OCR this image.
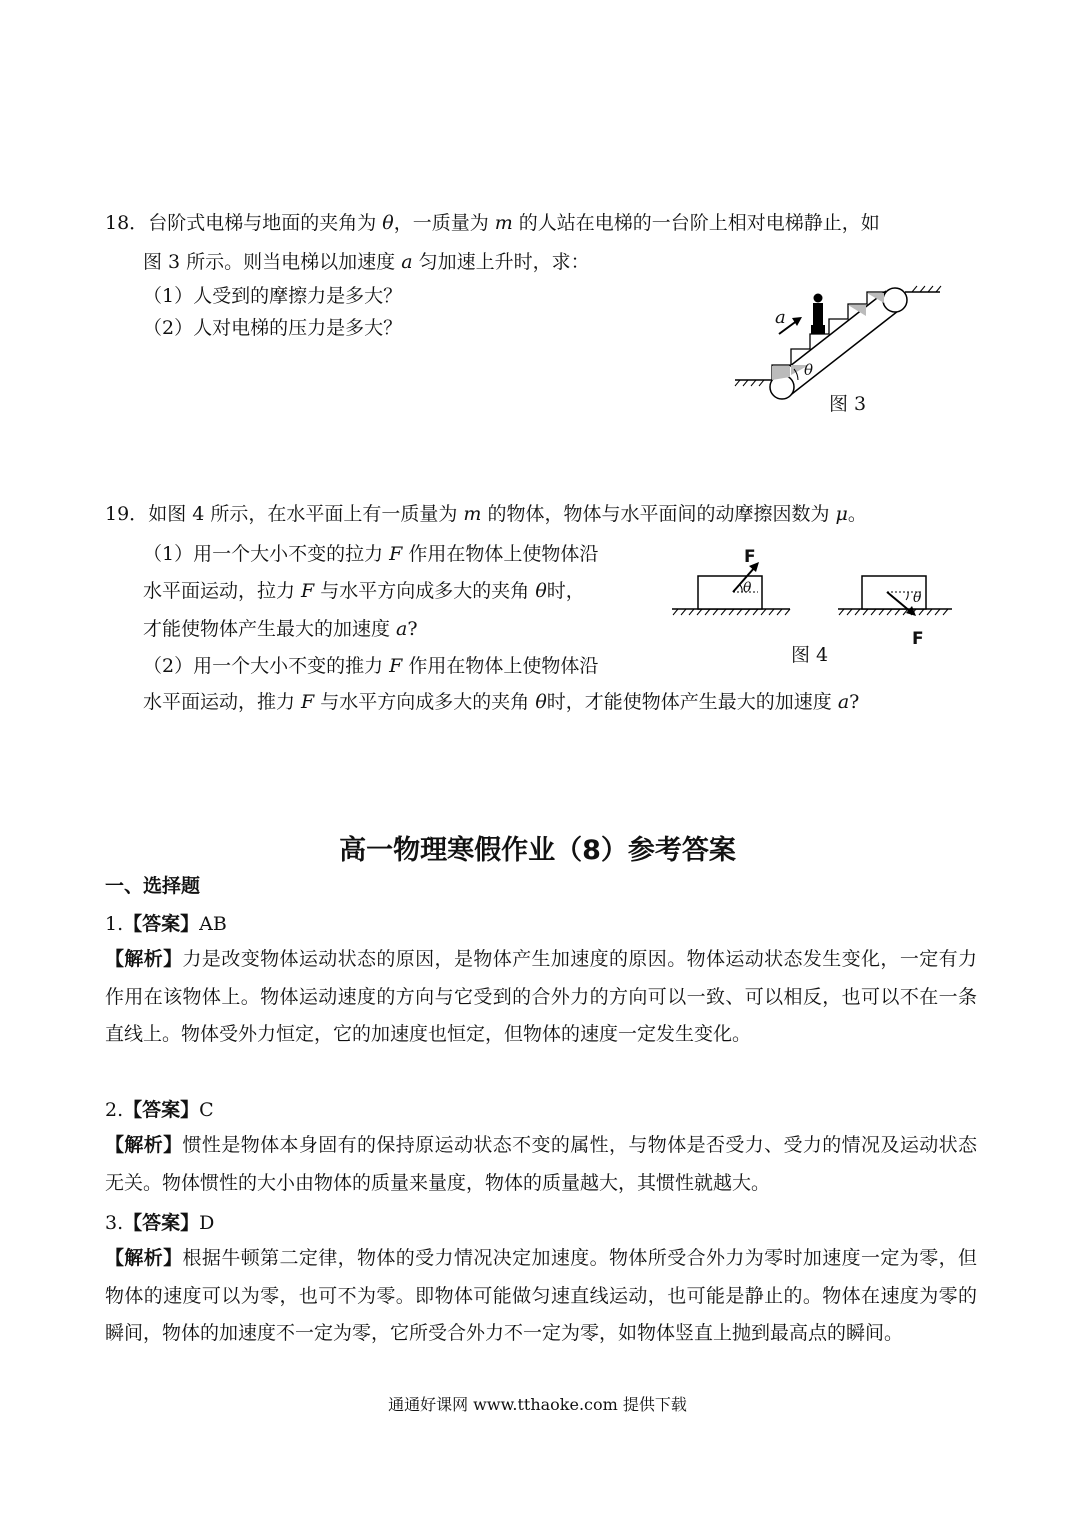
18．台阶式电梯与地面的夹角为 θ，一质量为 m 的人站在电梯的一台阶上相对电梯静止，如
图 3 所示。则当电梯以加速度 a 匀加速上升时，求：
（1）人受到的摩擦力是多大？
（2）人对电梯的压力是多大？	a
θ
图 3
19．如图 4 所示，在水平面上有一质量为 m 的物体，物体与水平面间的动摩擦因数为 μ。
（1）用一个大小不变的拉力 F 作用在物体上使物体沿
水平面运动，拉力 F 与水平方向成多大的夹角 θ时，
才能使物体产生最大的加速度 a?
（2）用一个大小不变的推力 F 作用在物体上使物体沿
水平面运动，推力 F 与水平方向成多大的夹角 θ时，才能使物体产生最大的加速度 a?
F
θ
θ
F
图 4
高一物理寒假作业（8）参考答案
一、选择题
1.【答案】AB
【解析】力是改变物体运动状态的原因，是物体产生加速度的原因。物体运动状态发生变化，一定有力作用在该物体上。物体运动速度的方向与它受到的合外力的方向可以一致、可以相反，也可以不在一条直线上。物体受外力恒定，它的加速度也恒定，但物体的速度一定发生变化。
2.【答案】C
【解析】惯性是物体本身固有的保持原运动状态不变的属性，与物体是否受力、受力的情况及运动状态无关。物体惯性的大小由物体的质量来量度，物体的质量越大，其惯性就越大。
3.【答案】D
【解析】根据牛顿第二定律，物体的受力情况决定加速度。物体所受合外力为零时加速度一定为零，但物体的速度可以为零，也可不为零。即物体可能做匀速直线运动，也可能是静止的。物体在速度为零的瞬间，物体的加速度不一定为零，它所受合外力不一定为零，如物体竖直上抛到最高点的瞬间。
通通好课网 www.tthaoke.com 提供下载
